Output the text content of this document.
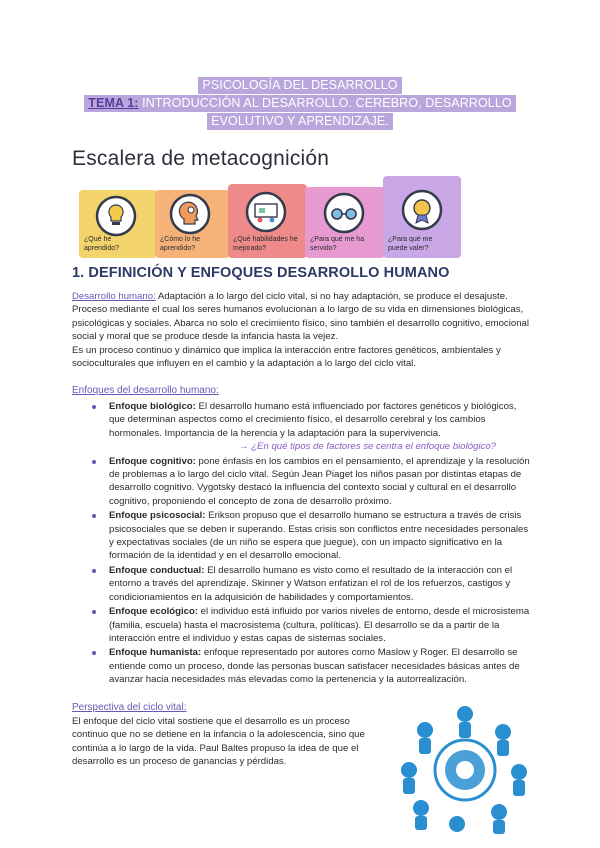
PSICOLOGÍA DEL DESARROLLO
TEMA 1: INTRODUCCIÓN AL DESARROLLO. CEREBRO, DESARROLLO
EVOLUTIVO Y APRENDIZAJE.
Escalera de metacognición
¿Qué he aprendido?
¿Cómo lo he aprendido?
¿Qué habilidades he mejorado?
¿Para qué me ha servido?
¿Para qué me puede valer?
1. DEFINICIÓN Y ENFOQUES DESARROLLO HUMANO
Desarrollo humano: Adaptación a lo largo del ciclo vital, si no hay adaptación, se produce el desajuste. Proceso mediante el cual los seres humanos evolucionan a lo largo de su vida en dimensiones biológicas, psicológicas y sociales. Abarca no solo el crecimiento físico, sino también el desarrollo cognitivo, emocional social y moral que se produce desde la infancia hasta la vejez.
Es un proceso continuo y dinámico que implica la interacción entre factores genéticos, ambientales y socioculturales que influyen en el cambio y la adaptación a lo largo del ciclo vital.
Enfoques del desarrollo humano:
Enfoque biológico: El desarrollo humano está influenciado por factores genéticos y biológicos, que determinan aspectos como el crecimiento físico, el desarrollo cerebral y los cambios hormonales. Importancia de la herencia y la adaptación para la supervivencia.
→ ¿En qué tipos de factores se centra el enfoque biológico?
Enfoque cognitivo: pone énfasis en los cambios en el pensamiento, el aprendizaje y la resolución de problemas a lo largo del ciclo vital. Según Jean Piaget los niños pasan por distintas etapas de desarrollo cognitivo. Vygotsky destacó la influencia del contexto social y cultural en el desarrollo cognitivo, proponiendo el concepto de zona de desarrollo próximo.
Enfoque psicosocial: Erikson propuso que el desarrollo humano se estructura a través de crisis psicosociales que se deben ir superando. Estas crisis son conflictos entre necesidades personales y expectativas sociales (de un niño se espera que juegue), con un impacto significativo en la formación de la identidad y en el desarrollo emocional.
Enfoque conductual: El desarrollo humano es visto como el resultado de la interacción con el entorno a través del aprendizaje. Skinner y Watson enfatizan el rol de los refuerzos, castigos y condicionamientos en la adquisición de habilidades y comportamientos.
Enfoque ecológico: el individuo está influido por varios niveles de entorno, desde el microsistema (familia, escuela) hasta el macrosistema (cultura, políticas). El desarrollo se da a partir de la interacción entre el individuo y estas capas de sistemas sociales.
Enfoque humanista: enfoque representado por autores como Maslow y Roger. El desarrollo se entiende como un proceso, donde las personas buscan satisfacer necesidades básicas antes de avanzar hacia necesidades más elevadas como la pertenencia y la autorrealización.
Perspectiva del ciclo vital:
El enfoque del ciclo vital sostiene que el desarrollo es un proceso continuo que no se detiene en la infancia o la adolescencia, sino que continúa a lo largo de la vida. Paul Baltes propuso la idea de que el desarrollo es un proceso de ganancias y pérdidas.
